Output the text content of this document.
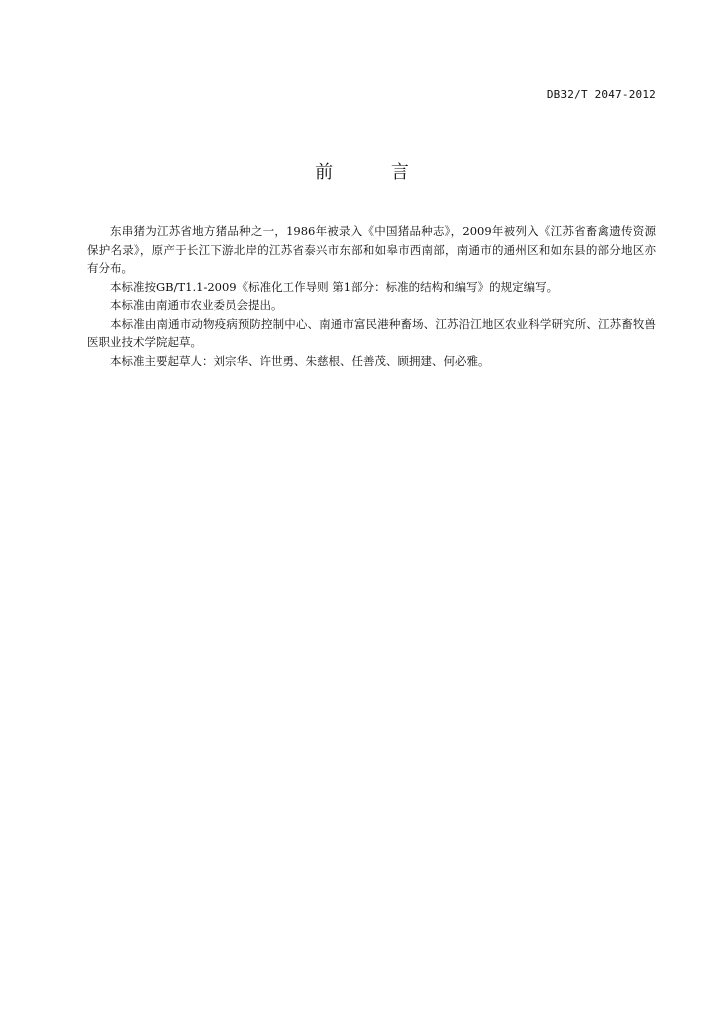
DB32/T 2047-2012
前 言

东串猪为江苏省地方猪品种之一，1986年被录入《中国猪品种志》，2009年被列入《江苏省畜禽遗传资源保护名录》，原产于长江下游北岸的江苏省泰兴市东部和如皋市西南部，南通市的通州区和如东县的部分地区亦有分布。

本标准按GB/T1.1-2009《标准化工作导则 第1部分：标准的结构和编写》的规定编写。

本标准由南通市农业委员会提出。

本标准由南通市动物疫病预防控制中心、南通市富民港种畜场、江苏沿江地区农业科学研究所、江苏畜牧兽医职业技术学院起草。

本标准主要起草人：刘宗华、许世勇、朱慈根、任善茂、顾拥建、何必雅。
